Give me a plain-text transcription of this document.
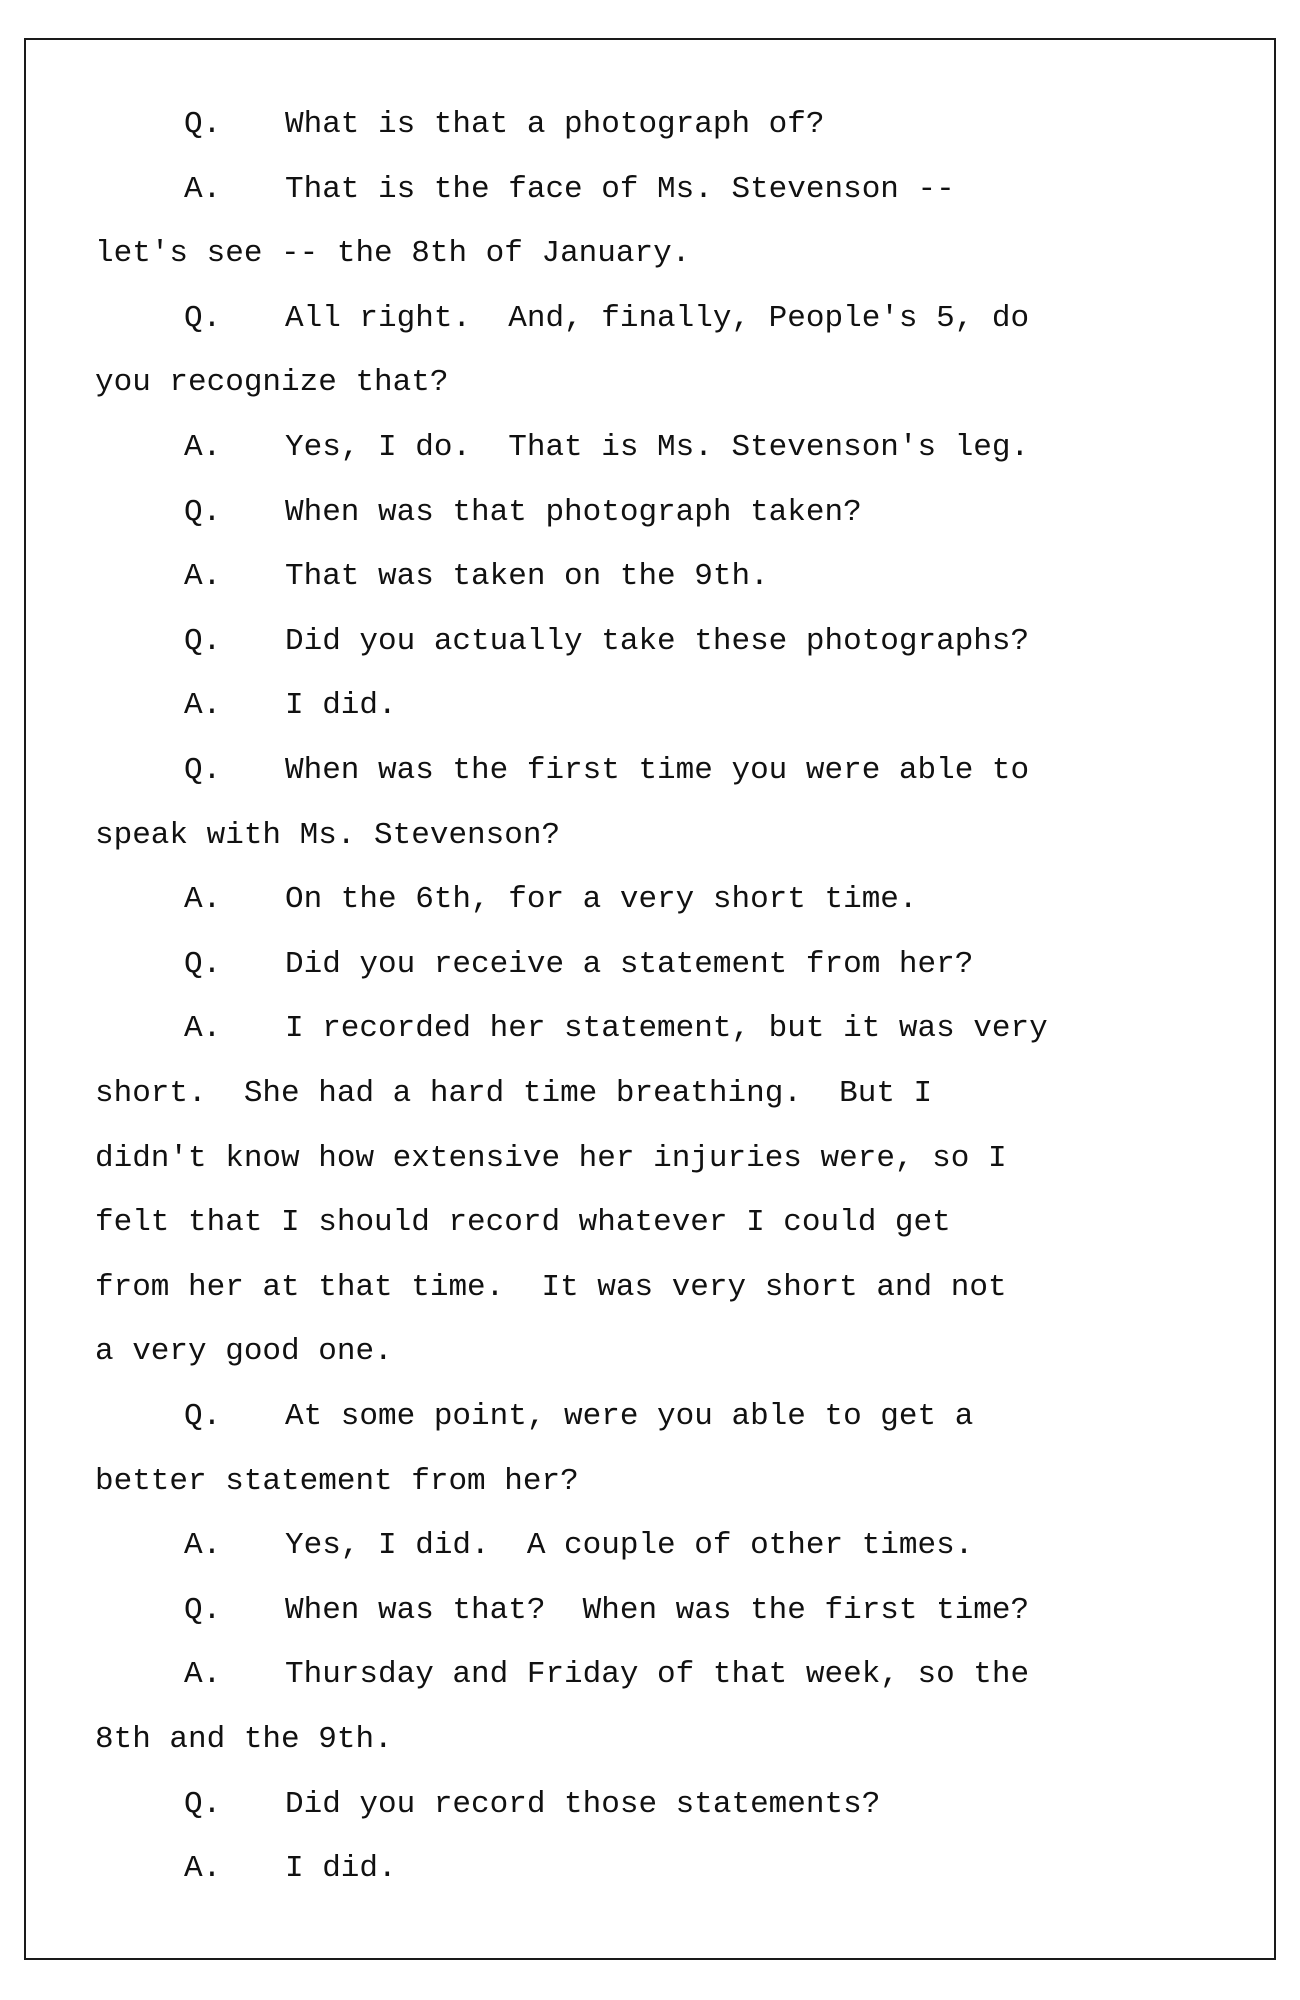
Q. What is that a photograph of?
A. That is the face of Ms. Stevenson --
let's see -- the 8th of January.
Q. All right.  And, finally, People's 5, do
you recognize that?
A. Yes, I do.  That is Ms. Stevenson's leg.
Q. When was that photograph taken?
A. That was taken on the 9th.
Q. Did you actually take these photographs?
A. I did.
Q. When was the first time you were able to
speak with Ms. Stevenson?
A. On the 6th, for a very short time.
Q. Did you receive a statement from her?
A. I recorded her statement, but it was very
short.  She had a hard time breathing.  But I
didn't know how extensive her injuries were, so I
felt that I should record whatever I could get
from her at that time.  It was very short and not
a very good one.
Q. At some point, were you able to get a
better statement from her?
A. Yes, I did.  A couple of other times.
Q. When was that?  When was the first time?
A. Thursday and Friday of that week, so the
8th and the 9th.
Q. Did you record those statements?
A. I did.
